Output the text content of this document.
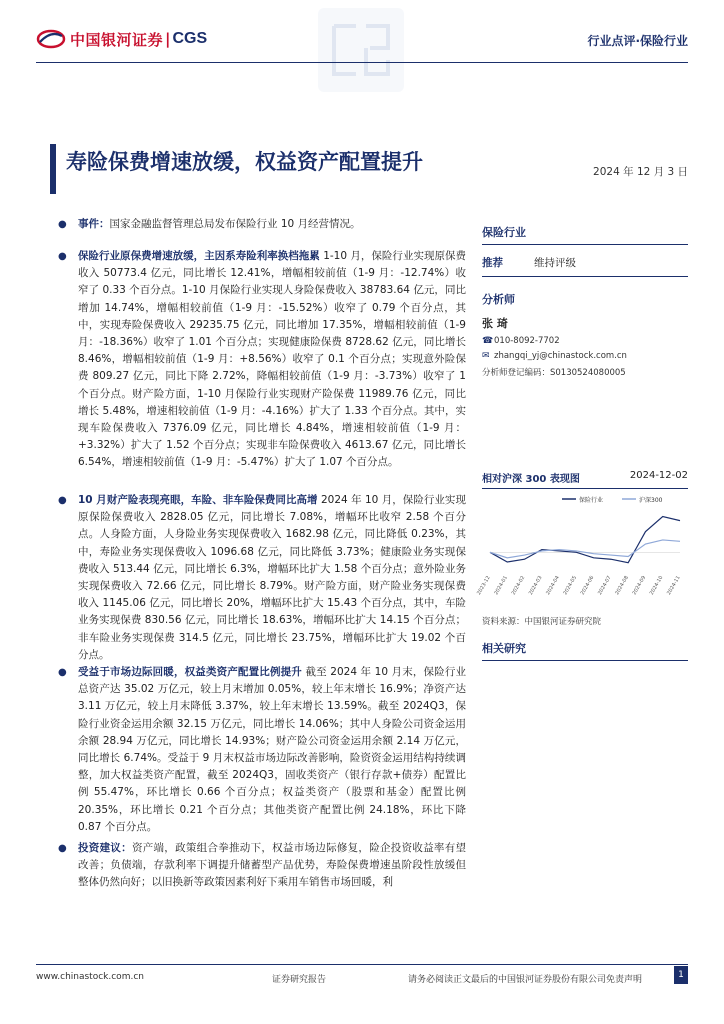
中国银河证券 | CGS	行业点评·保险行业
寿险保费增速放缓，权益资产配置提升	2024 年 12 月 3 日
● 事件：国家金融监督管理总局发布保险行业 10 月经营情况。
● 保险行业原保费增速放缓，主因系寿险利率换档拖累 1-10 月，保险行业实现原保费收入 50773.4 亿元，同比增长 12.41%，增幅相较前值（1-9 月：-12.74%）收窄了 0.33 个百分点。1-10 月保险行业实现人身险保费收入 38783.64 亿元，同比增加 14.74%，增幅相较前值（1-9 月：-15.52%）收窄了 0.79 个百分点，其中，实现寿险保费收入 29235.75 亿元，同比增加 17.35%，增幅相较前值（1-9 月：-18.36%）收窄了 1.01 个百分点；实现健康险保费 8728.62 亿元，同比增长 8.46%，增幅相较前值（1-9 月：+8.56%）收窄了 0.1 个百分点；实现意外险保费 809.27 亿元，同比下降 2.72%，降幅相较前值（1-9 月：-3.73%）收窄了 1 个百分点。财产险方面，1-10 月保险行业实现财产险保费 11989.76 亿元，同比增长 5.48%，增速相较前值（1-9 月：-4.16%）扩大了 1.33 个百分点。其中，实现车险保费收入 7376.09 亿元，同比增长 4.84%，增速相较前值（1-9 月：+3.32%）扩大了 1.52 个百分点；实现非车险保费收入 4613.67 亿元，同比增长 6.54%，增速相较前值（1-9 月：-5.47%）扩大了 1.07 个百分点。
● 10 月财产险表现亮眼，车险、非车险保费同比高增 2024 年 10 月，保险行业实现原保险保费收入 2828.05 亿元，同比增长 7.08%，增幅环比收窄 2.58 个百分点。人身险方面，人身险业务实现保费收入 1682.98 亿元，同比降低 0.23%，其中，寿险业务实现保费收入 1096.68 亿元，同比降低 3.73%；健康险业务实现保费收入 513.44 亿元，同比增长 6.3%，增幅环比扩大 1.58 个百分点；意外险业务实现保费收入 72.66 亿元，同比增长 8.79%。财产险方面，财产险业务实现保费收入 1145.06 亿元，同比增长 20%，增幅环比扩大 15.43 个百分点，其中，车险业务实现保费 830.56 亿元，同比增长 18.63%，增幅环比扩大 14.15 个百分点；非车险业务实现保费 314.5 亿元，同比增长 23.75%，增幅环比扩大 19.02 个百分点。
● 受益于市场边际回暖，权益类资产配置比例提升 截至 2024 年 10 月末，保险行业总资产达 35.02 万亿元，较上月末增加 0.05%，较上年末增长 16.9%；净资产达 3.11 万亿元，较上月末降低 3.37%，较上年末增长 13.59%。截至 2024Q3，保险行业资金运用余额 32.15 万亿元，同比增长 14.06%；其中人身险公司资金运用余额 28.94 万亿元，同比增长 14.93%；财产险公司资金运用余额 2.14 万亿元，同比增长 6.74%。受益于 9 月末权益市场边际改善影响，险资资金运用结构持续调整，加大权益类资产配置，截至 2024Q3，固收类资产（银行存款+债券）配置比例 55.47%，环比增长 0.66 个百分点；权益类资产（股票和基金）配置比例 20.35%，环比增长 0.21 个百分点；其他类资产配置比例 24.18%，环比下降 0.87 个百分点。
● 投资建议：资产端，政策组合拳推动下，权益市场边际修复，险企投资收益率有望改善；负债端，存款利率下调提升储蓄型产品优势，寿险保费增速虽阶段性放缓但整体仍然向好；以旧换新等政策因素利好下乘用车销售市场回暖，利
保险行业
推荐	维持评级
分析师
张 琦
☎ 010-8092-7702
✉ zhangqi_yj@chinastock.com.cn
分析师登记编码：S0130524080005
相对沪深 300 表现图	2024-12-02
保险行业	沪深300
2023-12 2024-01 2024-02 2024-03 2024-04 2024-05 2024-06 2024-07 2024-08 2024-09 2024-10 2024-11
资料来源：中国银河证券研究院
相关研究
www.chinastock.com.cn	证券研究报告	请务必阅读正文最后的中国银河证券股份有限公司免责声明	1
